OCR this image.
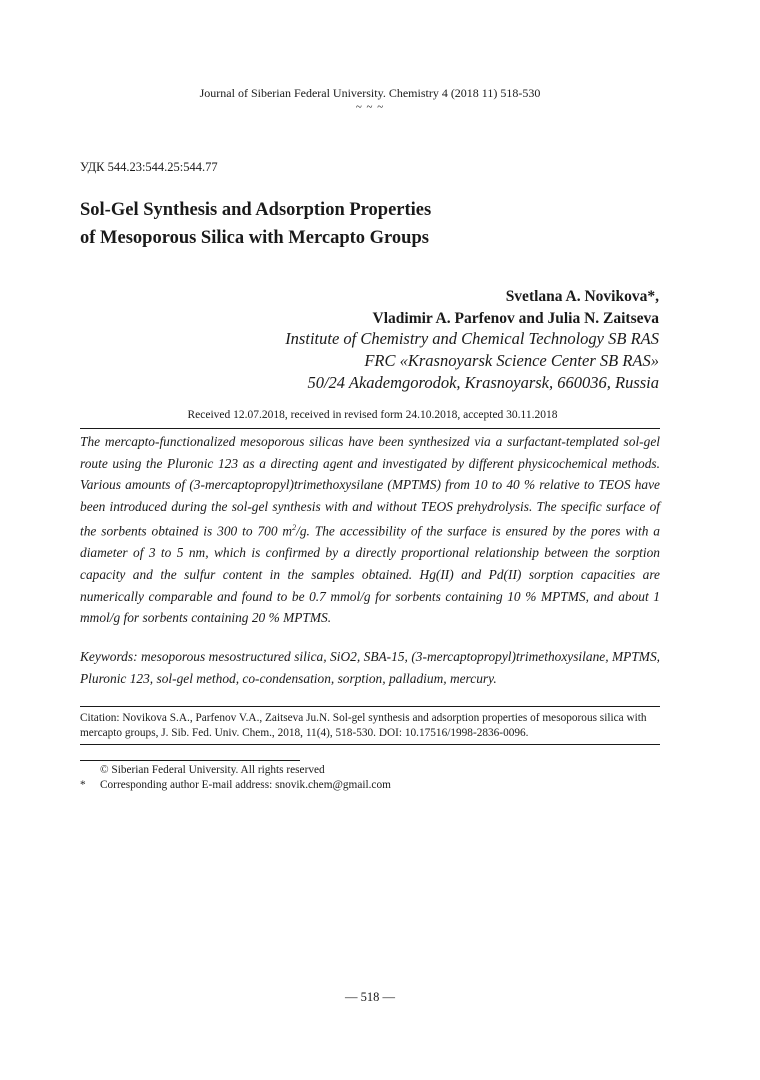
Journal of Siberian Federal University. Chemistry 4 (2018 11) 518-530
~ ~ ~
УДК 544.23:544.25:544.77
Sol-Gel Synthesis and Adsorption Properties
of Mesoporous Silica with Mercapto Groups
Svetlana A. Novikova*,
Vladimir A. Parfenov and Julia N. Zaitseva
Institute of Chemistry and Chemical Technology SB RAS
FRC «Krasnoyarsk Science Center SB RAS»
50/24 Akademgorodok, Krasnoyarsk, 660036, Russia
Received 12.07.2018, received in revised form 24.10.2018, accepted 30.11.2018

The mercapto-functionalized mesoporous silicas have been synthesized via a surfactant-templated sol-gel route using the Pluronic 123 as a directing agent and investigated by different physicochemical methods. Various amounts of (3-mercaptopropyl)trimethoxysilane (MPTMS) from 10 to 40 % relative to TEOS have been introduced during the sol-gel synthesis with and without TEOS prehydrolysis. The specific surface of the sorbents obtained is 300 to 700 $m^2/g$. The accessibility of the surface is ensured by the pores with a diameter of 3 to 5 nm, which is confirmed by a directly proportional relationship between the sorption capacity and the sulfur content in the samples obtained. Hg(II) and Pd(II) sorption capacities are numerically comparable and found to be 0.7 mmol/g for sorbents containing 10 % MPTMS, and about 1 mmol/g for sorbents containing 20 % MPTMS.

Keywords: mesoporous mesostructured silica, SiO2, SBA-15, (3-mercaptopropyl)trimethoxysilane, MPTMS, Pluronic 123, sol-gel method, co-condensation, sorption, palladium, mercury.

Citation: Novikova S.A., Parfenov V.A., Zaitseva Ju.N. Sol-gel synthesis and adsorption properties of mesoporous silica with mercapto groups, J. Sib. Fed. Univ. Chem., 2018, 11(4), 518-530. DOI: 10.17516/1998-2836-0096.

© Siberian Federal University. All rights reserved
*	Corresponding author E-mail address: snovik.chem@gmail.com
— 518 —
